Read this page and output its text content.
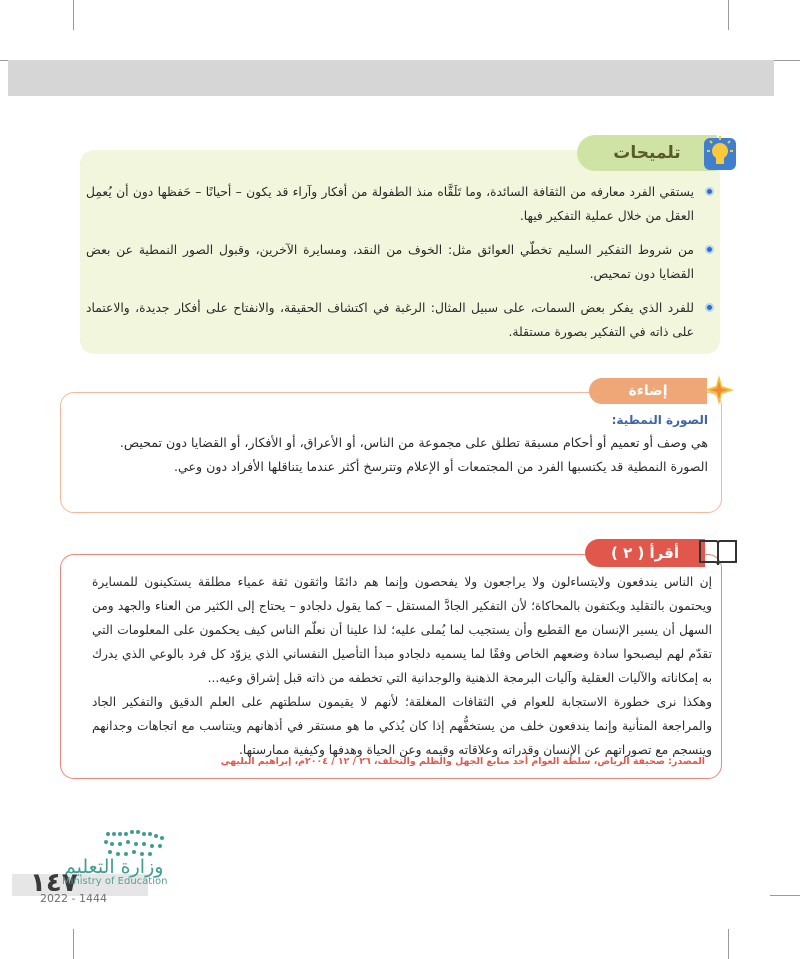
تلميحات
يستقي الفرد معارفه من الثقافة السائدة، وما تَلَقَّاه منذ الطفولة من أفكار وآراء قد يكون – أحيانًا – حَفظها دون أن يُعمِل العقل من خلال عملية التفكير فيها.
من شروط التفكير السليم تخطّي العوائق مثل: الخوف من النقد، ومسايرة الآخرين، وقبول الصور النمطية عن بعض القضايا دون تمحيص.
للفرد الذي يفكر بعض السمات، على سبيل المثال: الرغبة في اكتشاف الحقيقة، والانفتاح على أفكار جديدة، والاعتماد على ذاته في التفكير بصورة مستقلة.
إضاءة
الصورة النمطية:
هي وصف أو تعميم أو أحكام مسبقة تطلق على مجموعة من الناس، أو الأعراق، أو الأفكار، أو القضايا دون تمحيص.
الصورة النمطية قد يكتسبها الفرد من المجتمعات أو الإعلام وتترسخ أكثر عندما يتناقلها الأفراد دون وعي.
أقرأ ( ٢ )

إن الناس يندفعون ولايتساءلون ولا يراجعون ولا يفحصون وإنما هم دائمًا واثقون ثقة عمياء مطلقة يستكينون للمسايرة ويحتمون بالتقليد ويكتفون بالمحاكاة؛ لأن التفكير الجادَّ المستقل – كما يقول دلجادو – يحتاج إلى الكثير من العناء والجهد ومن السهل أن يسير الإنسان مع القطيع وأن يستجيب لما يُملى عليه؛ لذا علينا أن نعلّم الناس كيف يحكمون على المعلومات التي تقدّم لهم ليصبحوا سادة وضعهم الخاص وفقًا لما يسميه دلجادو مبدأ التأصيل النفساني الذي يزوّد كل فرد بالوعي الذي يدرك به إمكاناته والآليات العقلية وآليات البرمجة الذهنية والوجدانية التي تخطفه من ذاته قبل إشراق وعيه...

وهكذا نرى خطورة الاستجابة للعوام في الثقافات المغلقة؛ لأنهم لا يقيمون سلطتهم على العلم الدقيق والتفكير الجاد والمراجعة المتأنية وإنما يندفعون خلف من يستخفُّهم إذا كان يُذكي ما هو مستقر في أذهانهم ويتناسب مع اتجاهات وجدانهم وينسجم مع تصوراتهم عن الإنسان وقدراته وعلاقاته وقيمه وعن الحياة وهدفها وكيفية ممارستها.

المصدر: صحيفة الرياض، سلطة العوام أحد منابع الجهل والظلم والتخلف، ٢٦ / ١٢ / ٢٠٠٤م، إبراهيم البليهي
وزارة التعليم
١٤٧
Ministry of Education
2022 - 1444
